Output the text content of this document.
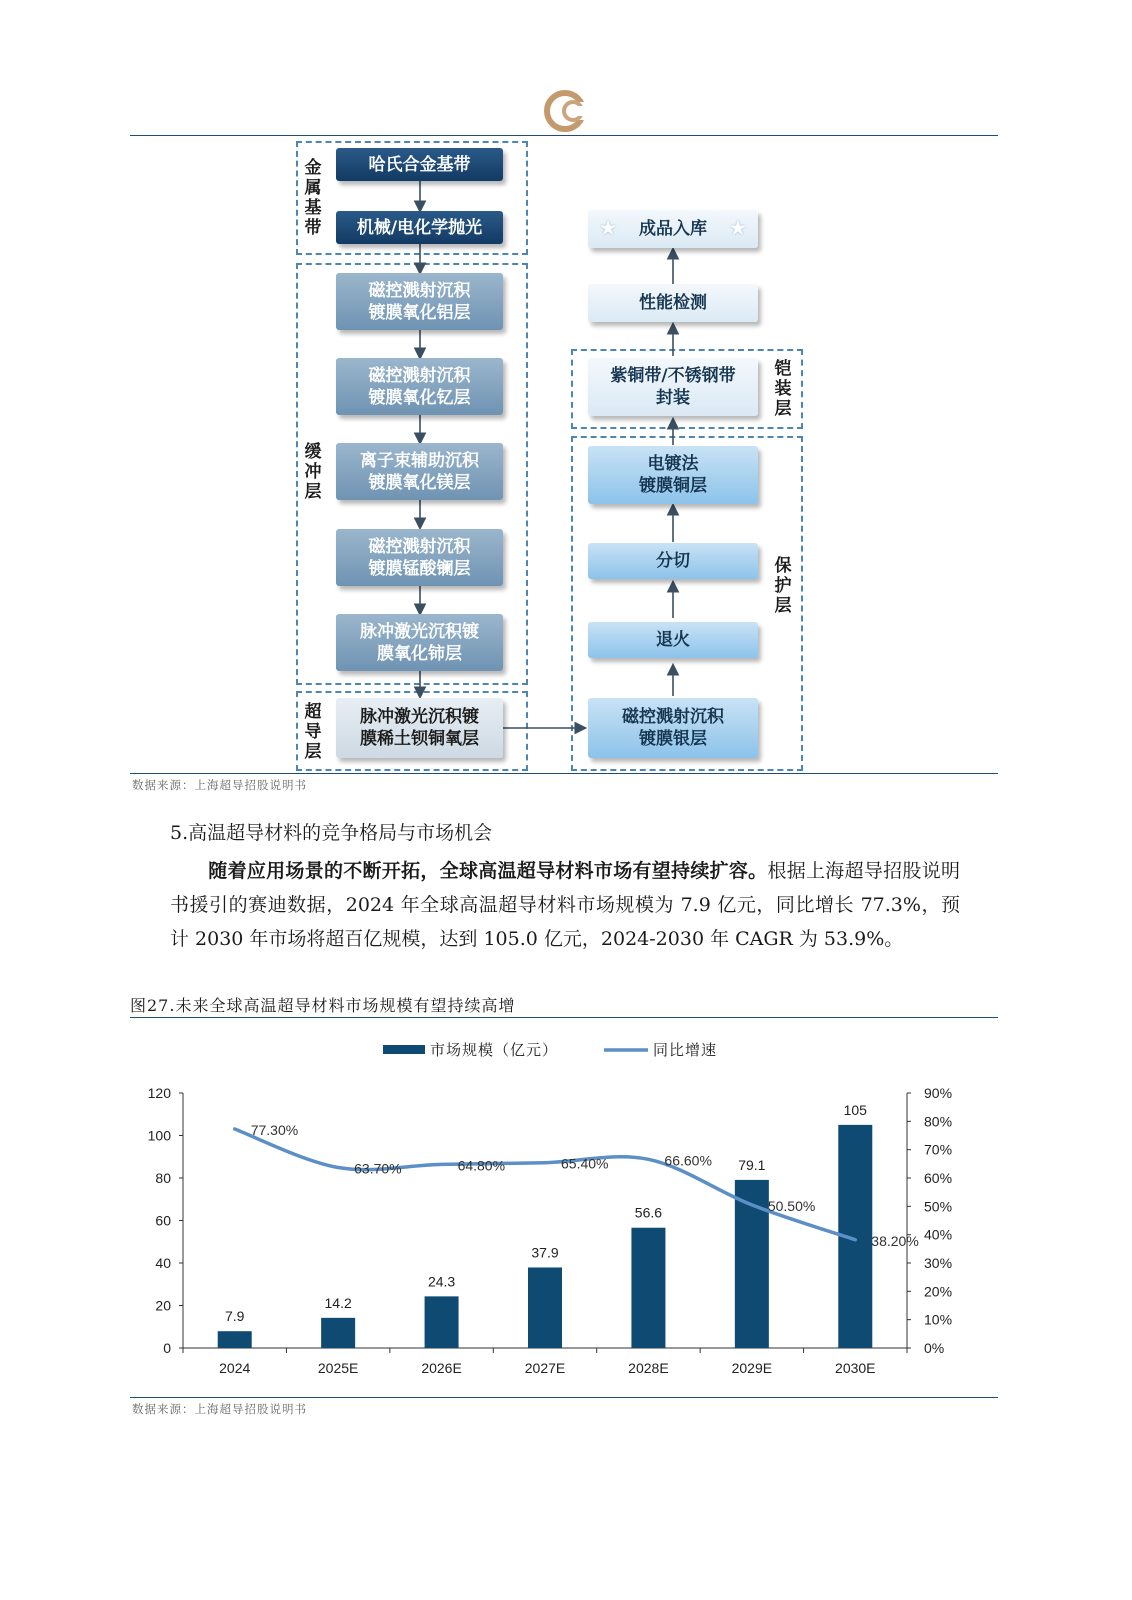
金属基带
缓冲层
超导层
铠装层
保护层
哈氏合金基带
机械/电化学抛光
磁控溅射沉积
镀膜氧化铝层
磁控溅射沉积
镀膜氧化钇层
离子束辅助沉积
镀膜氧化镁层
磁控溅射沉积
镀膜锰酸镧层
脉冲激光沉积镀
膜氧化铈层
脉冲激光沉积镀
膜稀土钡铜氧层
★ 成品入库 ★
性能检测
紫铜带/不锈钢带
封装
电镀法
镀膜铜层
分切
退火
磁控溅射沉积
镀膜银层
数据来源：上海超导招股说明书
5.高温超导材料的竞争格局与市场机会
随着应用场景的不断开拓，全球高温超导材料市场有望持续扩容。根据上海超导招股说明书援引的赛迪数据，2024 年全球高温超导材料市场规模为 7.9 亿元，同比增长 77.3%，预计 2030 年市场将超百亿规模，达到 105.0 亿元，2024-2030 年 CAGR 为 53.9%。
图27.未来全球高温超导材料市场规模有望持续高增
0
20
40
60
80
100
120
0%
10%
20%
30%
40%
50%
60%
70%
80%
90%
2024	2025E	2026E	2027E	2028E	2029E	2030E
7.9
14.2
24.3
37.9
56.6
79.1
105
77.30%
63.70%	64.80%	65.40%	66.60%
50.50%
38.20%
市场规模（亿元）	同比增速
数据来源：上海超导招股说明书
